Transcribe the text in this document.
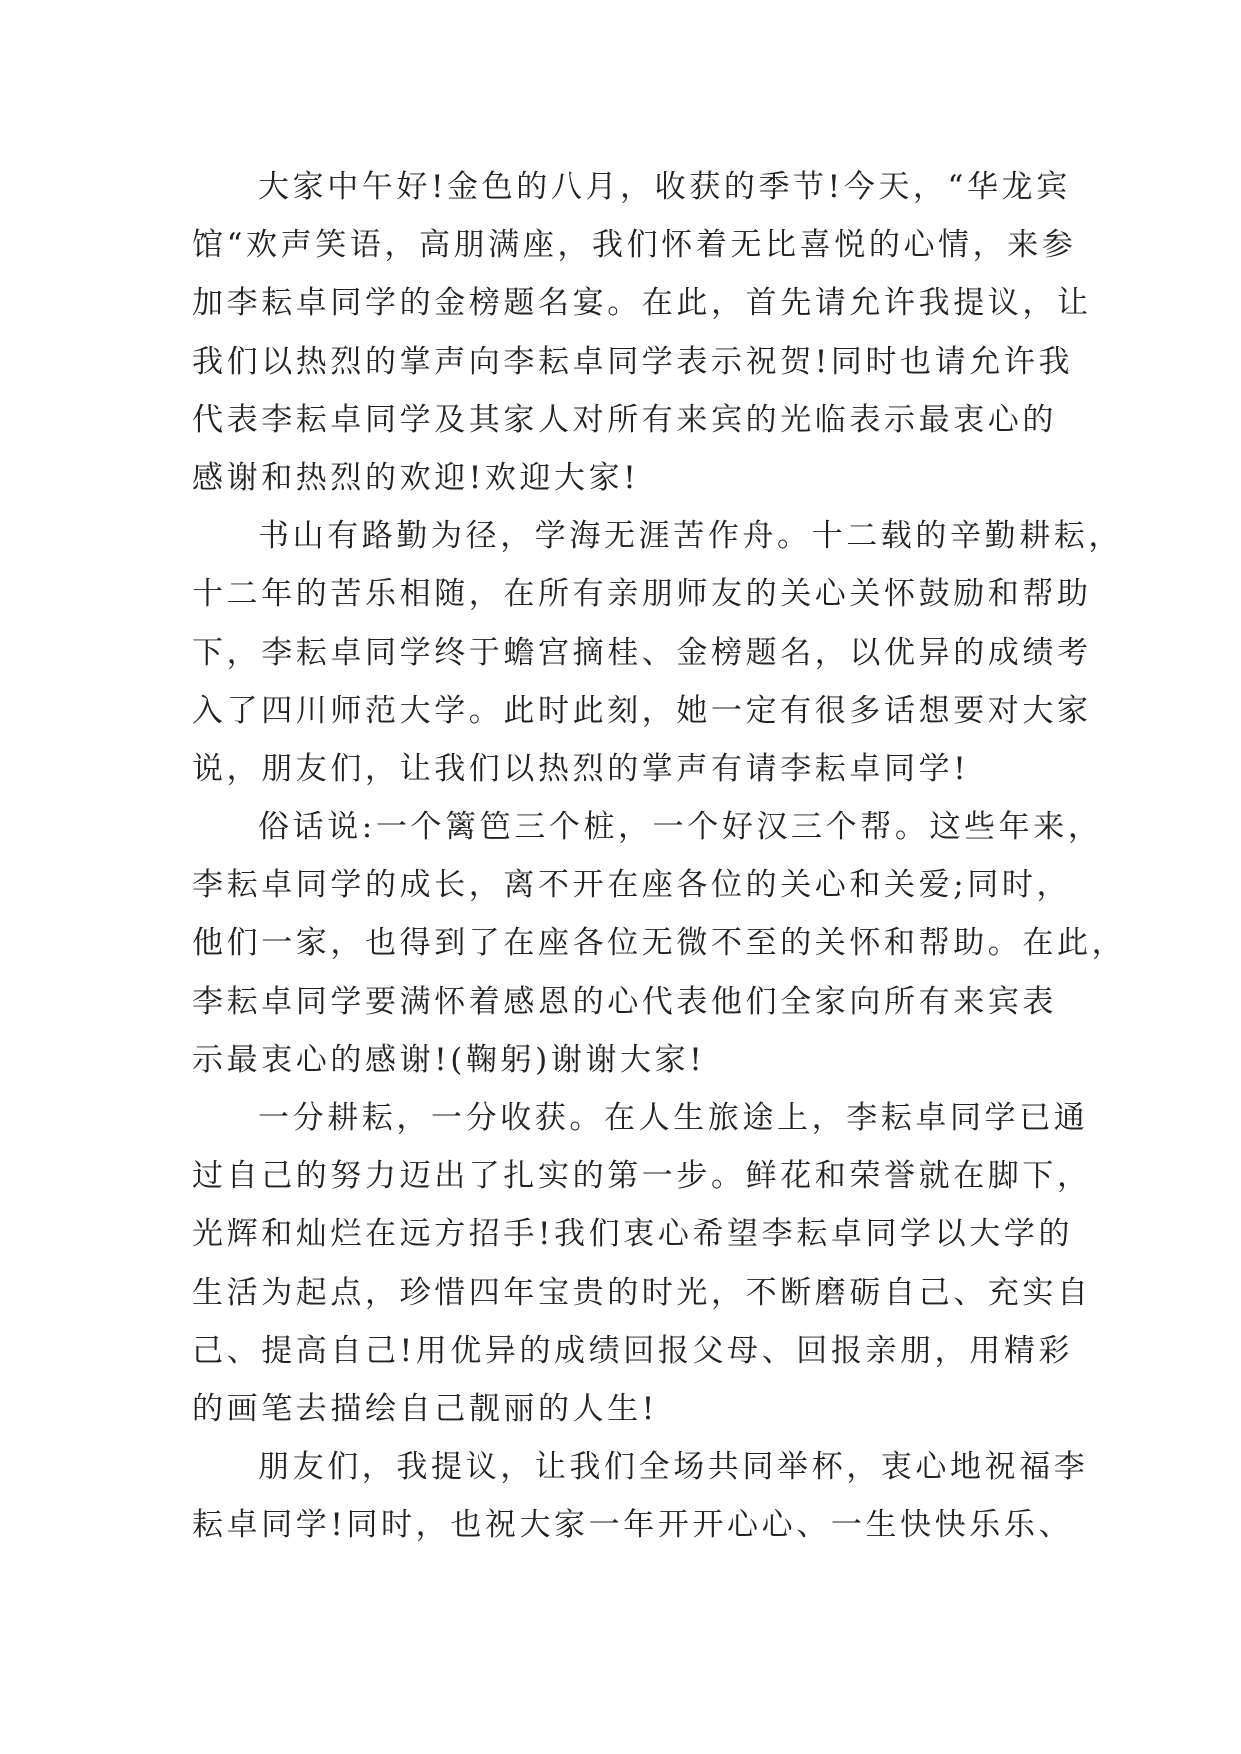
大家中午好!金色的八月，收获的季节!今天，“华龙宾
馆“欢声笑语，高朋满座，我们怀着无比喜悦的心情，来参
加李耘卓同学的金榜题名宴。在此，首先请允许我提议，让
我们以热烈的掌声向李耘卓同学表示祝贺!同时也请允许我
代表李耘卓同学及其家人对所有来宾的光临表示最衷心的
感谢和热烈的欢迎!欢迎大家!
书山有路勤为径，学海无涯苦作舟。十二载的辛勤耕耘，
十二年的苦乐相随，在所有亲朋师友的关心关怀鼓励和帮助
下，李耘卓同学终于蟾宫摘桂、金榜题名，以优异的成绩考
入了四川师范大学。此时此刻，她一定有很多话想要对大家
说，朋友们，让我们以热烈的掌声有请李耘卓同学!
俗话说:一个篱笆三个桩，一个好汉三个帮。这些年来，
李耘卓同学的成长，离不开在座各位的关心和关爱;同时，
他们一家，也得到了在座各位无微不至的关怀和帮助。在此，
李耘卓同学要满怀着感恩的心代表他们全家向所有来宾表
示最衷心的感谢!(鞠躬)谢谢大家!
一分耕耘，一分收获。在人生旅途上，李耘卓同学已通
过自己的努力迈出了扎实的第一步。鲜花和荣誉就在脚下，
光辉和灿烂在远方招手!我们衷心希望李耘卓同学以大学的
生活为起点，珍惜四年宝贵的时光，不断磨砺自己、充实自
己、提高自己!用优异的成绩回报父母、回报亲朋，用精彩
的画笔去描绘自己靓丽的人生!
朋友们，我提议，让我们全场共同举杯，衷心地祝福李
耘卓同学!同时，也祝大家一年开开心心、一生快快乐乐、
